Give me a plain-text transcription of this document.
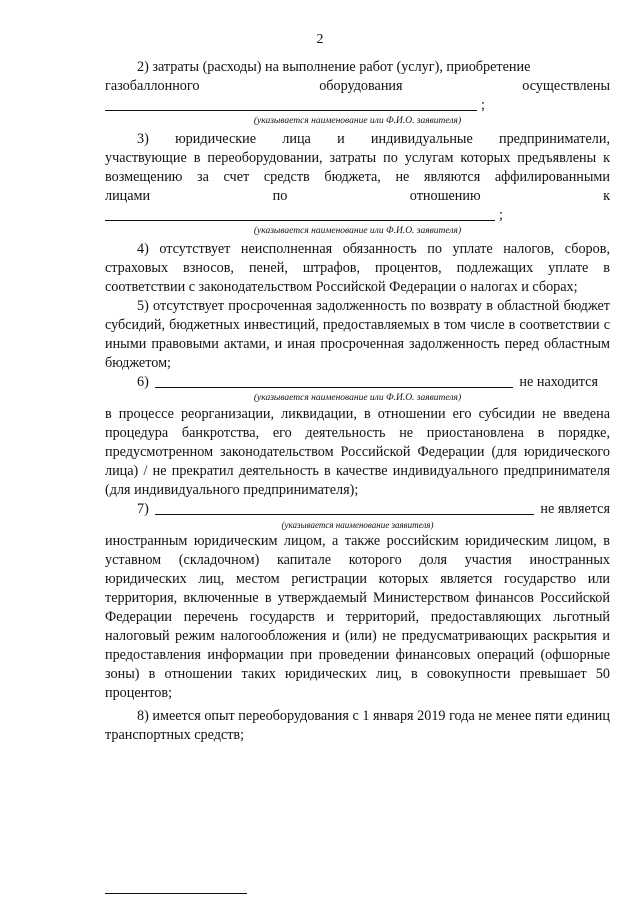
2

2) затраты (расходы) на выполнение работ (услуг), приобретение

газобаллонного	оборудования	осуществлены
;

(указывается наименование или Ф.И.О. заявителя)

3) юридические лица и индивидуальные предприниматели,

участвующие в переоборудовании, затраты по услугам которых предъявлены к возмещению за счет средств бюджета, не являются аффилированными

лицами	по	отношению	к
;

(указывается наименование или Ф.И.О. заявителя)

4) отсутствует неисполненная обязанность по уплате налогов, сборов, страховых взносов, пеней, штрафов, процентов, подлежащих уплате в соответствии с законодательством Российской Федерации о налогах и сборах;

5) отсутствует просроченная задолженность по возврату в областной бюджет субсидий, бюджетных инвестиций, предоставляемых в том числе в соответствии с иными правовыми актами, и иная просроченная задолженность перед областным бюджетом;

6)	не находится

(указывается наименование или Ф.И.О. заявителя)

в процессе реорганизации, ликвидации, в отношении его субсидии не введена процедура банкротства, его деятельность не приостановлена в порядке, предусмотренном законодательством Российской Федерации (для юридического лица) / не прекратил деятельность в качестве индивидуального предпринимателя (для индивидуального предпринимателя);

7)	не является

(указывается наименование заявителя)

иностранным юридическим лицом, а также российским юридическим лицом, в уставном (складочном) капитале которого доля участия иностранных юридических лиц, местом регистрации которых является государство или территория, включенные в утверждаемый Министерством финансов Российской Федерации перечень государств и территорий, предоставляющих льготный налоговый режим налогообложения и (или) не предусматривающих раскрытия и предоставления информации при проведении финансовых операций (офшорные зоны) в отношении таких юридических лиц, в совокупности превышает 50 процентов;

8) имеется опыт переоборудования с 1 января 2019 года не менее пяти единиц транспортных средств;
